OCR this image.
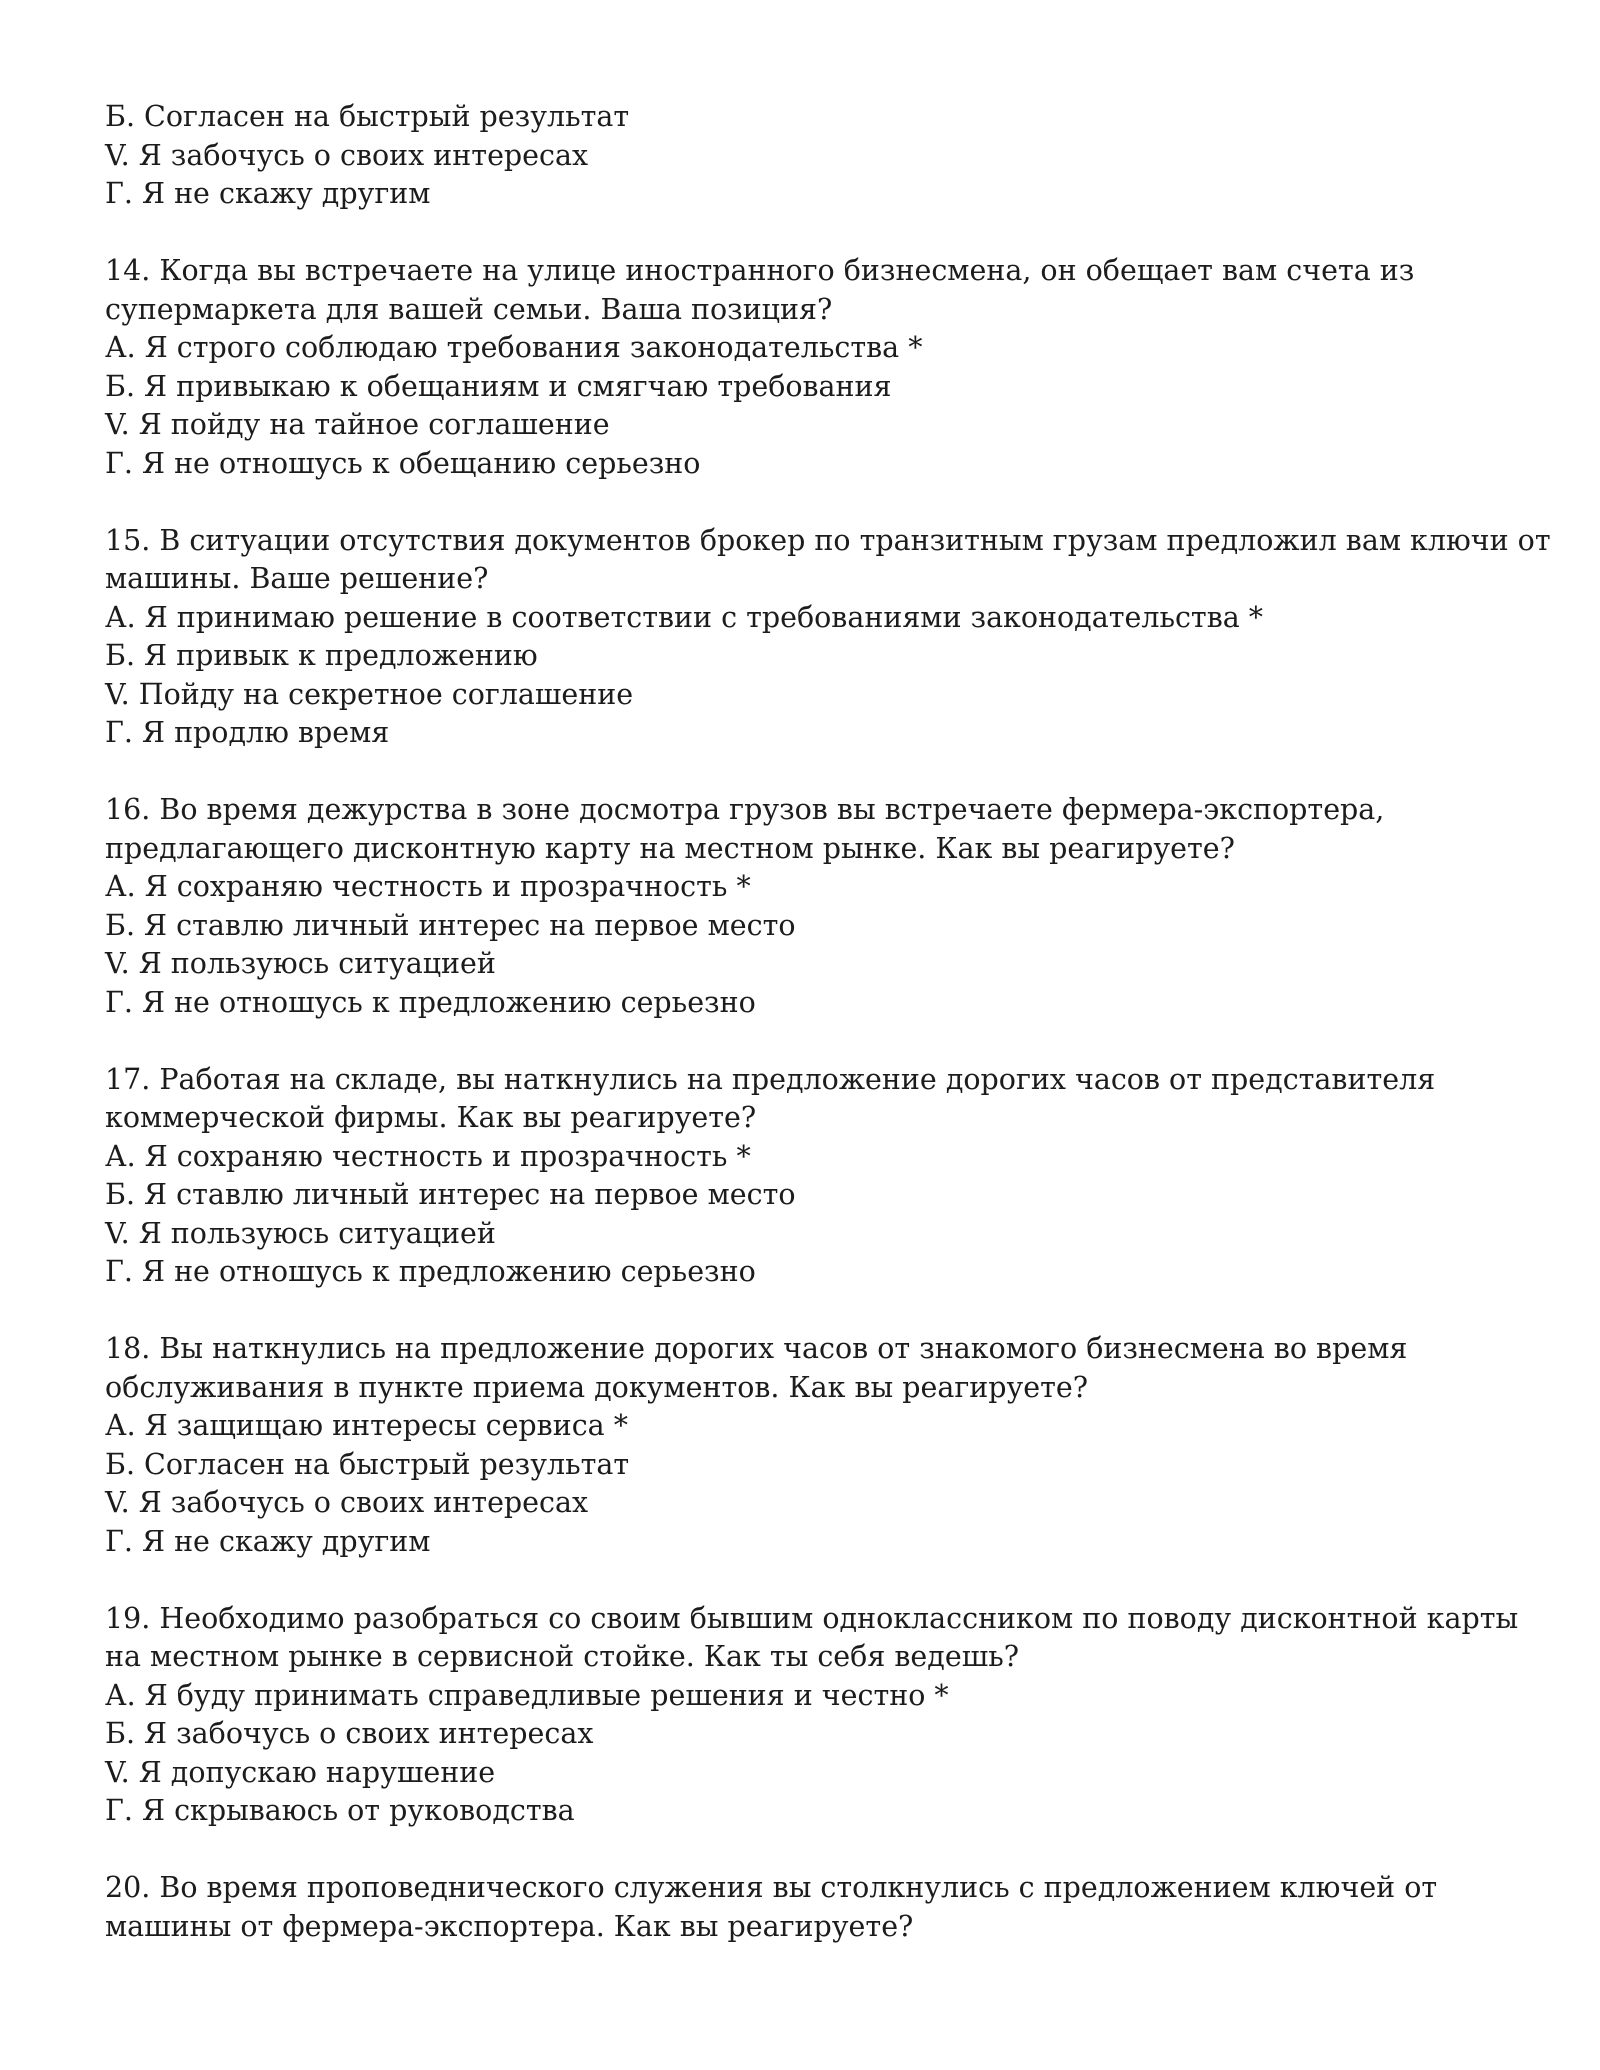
Б. Согласен на быстрый результат
V. Я забочусь о своих интересах
Г. Я не скажу другим
14. Когда вы встречаете на улице иностранного бизнесмена, он обещает вам счета из
супермаркета для вашей семьи. Ваша позиция?
А. Я строго соблюдаю требования законодательства *
Б. Я привыкаю к обещаниям и смягчаю требования
V. Я пойду на тайное соглашение
Г. Я не отношусь к обещанию серьезно
15. В ситуации отсутствия документов брокер по транзитным грузам предложил вам ключи от
машины. Ваше решение?
А. Я принимаю решение в соответствии с требованиями законодательства *
Б. Я привык к предложению
V. Пойду на секретное соглашение
Г. Я продлю время
16. Во время дежурства в зоне досмотра грузов вы встречаете фермера-экспортера,
предлагающего дисконтную карту на местном рынке. Как вы реагируете?
А. Я сохраняю честность и прозрачность *
Б. Я ставлю личный интерес на первое место
V. Я пользуюсь ситуацией
Г. Я не отношусь к предложению серьезно
17. Работая на складе, вы наткнулись на предложение дорогих часов от представителя
коммерческой фирмы. Как вы реагируете?
А. Я сохраняю честность и прозрачность *
Б. Я ставлю личный интерес на первое место
V. Я пользуюсь ситуацией
Г. Я не отношусь к предложению серьезно
18. Вы наткнулись на предложение дорогих часов от знакомого бизнесмена во время
обслуживания в пункте приема документов. Как вы реагируете?
А. Я защищаю интересы сервиса *
Б. Согласен на быстрый результат
V. Я забочусь о своих интересах
Г. Я не скажу другим
19. Необходимо разобраться со своим бывшим одноклассником по поводу дисконтной карты
на местном рынке в сервисной стойке. Как ты себя ведешь?
А. Я буду принимать справедливые решения и честно *
Б. Я забочусь о своих интересах
V. Я допускаю нарушение
Г. Я скрываюсь от руководства
20. Во время проповеднического служения вы столкнулись с предложением ключей от
машины от фермера-экспортера. Как вы реагируете?
